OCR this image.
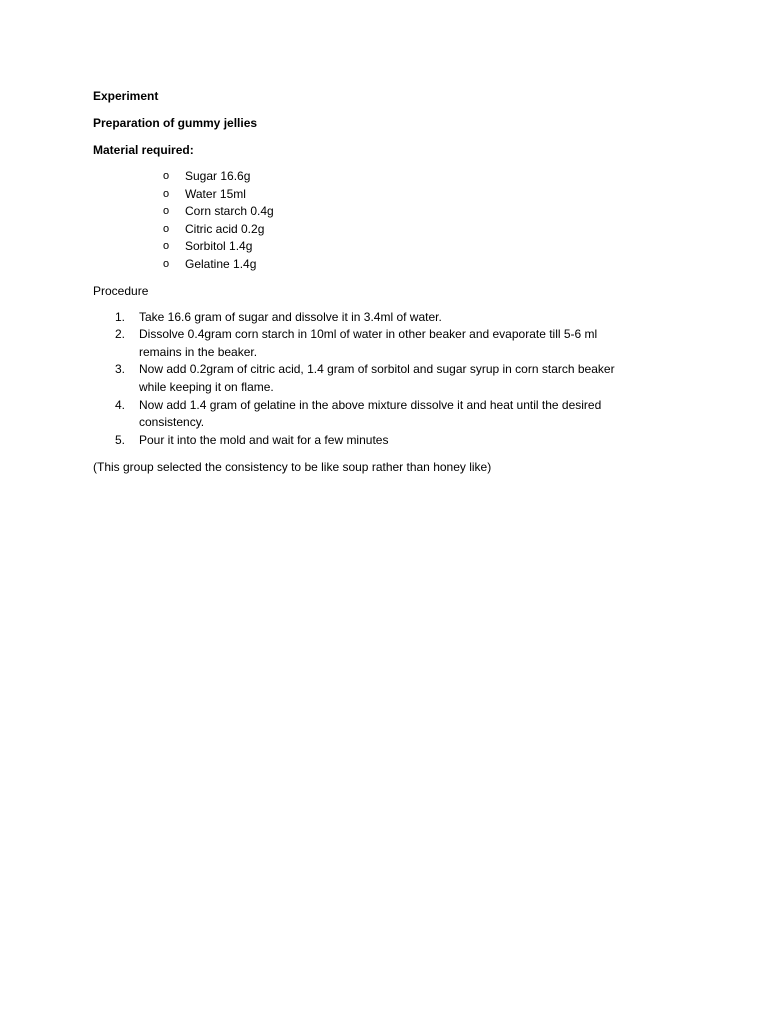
Experiment

Preparation of gummy jellies

Material required:

o	Sugar 16.6g
o	Water 15ml
o	Corn starch 0.4g
o	Citric acid 0.2g
o	Sorbitol 1.4g
o	Gelatine 1.4g

Procedure

1. Take 16.6 gram of sugar and dissolve it in 3.4ml of water.
2. Dissolve 0.4gram corn starch in 10ml of water in other beaker and evaporate till 5-6 ml
remains in the beaker.
3. Now add 0.2gram of citric acid, 1.4 gram of sorbitol and sugar syrup in corn starch beaker
while keeping it on flame.
4. Now add 1.4 gram of gelatine in the above mixture dissolve it and heat until the desired
consistency.
5. Pour it into the mold and wait for a few minutes

(This group selected the consistency to be like soup rather than honey like)
